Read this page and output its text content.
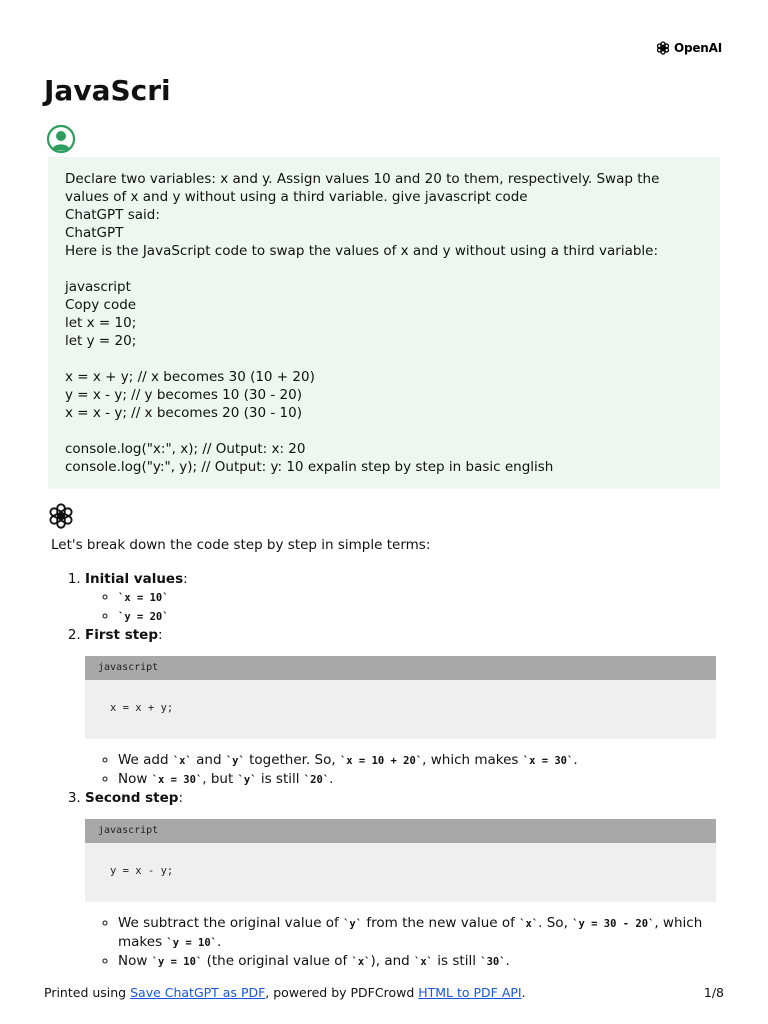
OpenAI
JavaScri

Declare two variables: x and y. Assign values 10 and 20 to them, respectively. Swap the values of x and y without using a third variable. give javascript code

ChatGPT said:

ChatGPT

Here is the JavaScript code to swap the values of x and y without using a third variable:

javascript

Copy code

let x = 10;

let y = 20;

x = x + y; // x becomes 30 (10 + 20)

y = x - y; // y becomes 10 (30 - 20)

x = x - y; // x becomes 20 (30 - 10)

console.log("x:", x); // Output: x: 20

console.log("y:", y); // Output: y: 10 expalin step by step in basic english

Let's break down the code step by step in simple terms:

1. Initial values:
◦ `x = 10`
◦ `y = 20`
2. First step:
javascript
x = x + y;
◦ We add `x` and `y` together. So, `x = 10 + 20`, which makes `x = 30`.
◦ Now `x = 30`, but `y` is still `20`.
3. Second step:
javascript
y = x - y;
◦ We subtract the original value of `y` from the new value of `x`. So, `y = 30 - 20`, which makes `y = 10`.
◦ Now `y = 10` (the original value of `x`), and `x` is still `30`.
Printed using Save ChatGPT as PDF, powered by PDFCrowd HTML to PDF API.	1/8
